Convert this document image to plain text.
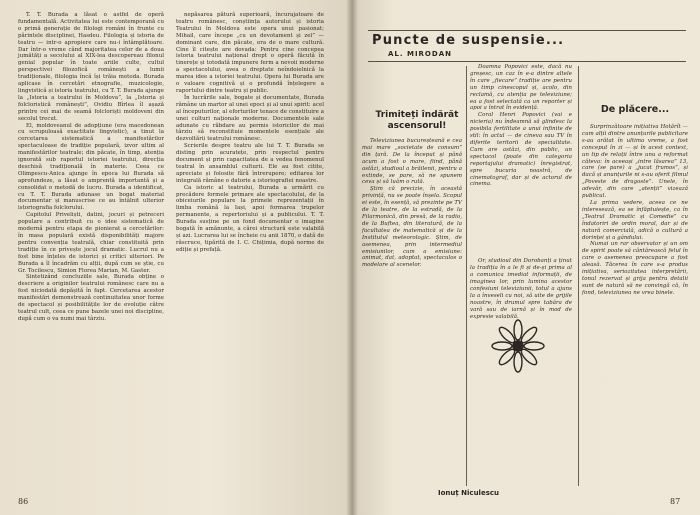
T. T. Burada a lăsat o astfel de operă fundamentală. Activitatea lui este contemporană cu o primă generație de filologi români în frunte cu părintele disciplinei, Hasdeu. Filologia și istoria de teatru — intr-o apropiere care nu-i întâmplătoare. Dar într-o vreme când majoritatea celor de a doua jumătăți a secolului al XIX-lea descopereau filonul genial popular în toate ariile culte, cultul perspectivei filozofică românești a lumii tradiționale, filologia încă își trăia metoda. Burada aplicase în cercetări etnografie, muzicologie, lingvistică și istoria teatrului, cu T. T. Burada ajunge la „Istoria a teatrului în Moldova”, la „Istoria și folcloristică românești”, Ovidiu Bîrlea îl așază printre cei mai de seamă folcloriști moldoveni din secolul trecut.

El, moldoveanul de adopțiune (era macedonean cu scrupuloasă exactitate lingvistic), a tinut la cercetarea sistematică a manifestărilor spectaculoase de tradiție populară, izvor ultim al manifestărilor teatrale; din păcate, în timp, atenția ignorată sub raportul istoriei teatrului, direcția deschisă tradițională în materie. Ceea ce Olimpescu-Anica ajunge în epoca lui Burada să aprofundeze, a lăsat o amprentă importantă și a consolidat o metodă de lucru. Burada a identificat, cu T. T. Burada adunase un bogat material documentar și manuscrise ce au întâlnit ulterior istoriografia folclorului.

Capitolul Priveliști, datini, jocuri și petreceri populare a contribuit cu o idee sistematică de modernă pentru etapa de pionierat a cercetărilor: în masa populară există disponibilități majore pentru convenția teatrală, chiar constituită prin tradiție în ce privește jocul dramatic. Lucrul nu a fost bine înțeles de istorici și critici ulteriori. Pe Burada a îl încadrăm cu alții, după cum se știe, cu Gr. Tocilescu, Simion Florea Marian, M. Gaster.

Sintetizând concluziile sale, Burada obține o descriere a originilor teatrului românesc care nu a fost niciodată depășită în fapt. Cercetarea acestor manifestări demonstrează continuitatea unor forme de spectacol și posibilitățile lor de evoluție către teatrul cult, ceea ce pune bazele unei noi discipline, după cum o va numi mai târziu.

nepăsarea pătură superioară, încurajatoare de teatru românesc, conștiința autorului și istoria Teatrului în Moldova este opera unui pasionat; Mihail, care începe „cu un devotament și zel” — dominant care, din păcate, era de o mare cultură. Cine îl citește are dovada: Pentru cine concepea istoria teatrului național drept o operă făcută în tinerețe și totodată impunere ferm a nevoii moderne a spectacolului, avea o dreptate neîndoielnică la marea idee a istoriei teatrului. Opera lui Burada are o valoare cognitivă și o profundă înțelegere a raportului dintre teatru și public.

În lucrările sale, bogate și documentate, Burada rămâne un martor al unei epoci și al unui spirit: acel al începuturilor, al eforturilor tenace de constituire a unei culturi naționale moderne. Documentele sale adunate cu răbdare au permis istoricilor de mai târziu să reconstituie momentele esențiale ale dezvoltării teatrului românesc.

Scrierile despre teatru ale lui T. T. Burada se disting prin acuratețe, prin respectul pentru document și prin capacitatea de a vedea fenomenul teatral în ansamblul culturii. Ele au fost citite, apreciate și folosite fără întrerupere; editarea lor integrală rămâne o datorie a istoriografiei noastre.

Ca istoric al teatrului, Burada a urmărit cu precădere formele primare ale spectacolului, de la obiceiurile populare la primele reprezentații în limba română la Iași, apoi formarea trupelor permanente, a repertoriului și a publicului. T. T. Burada susține pe un fond documentar o imagine bogată în amănunte, a cărei structură este valabilă și azi. Lucrarea lui se încheie cu anii 1870, o dată de răscruce, tipărită de I. C. Chițimia, după norme de ediție și prefață.

86
Puncte de suspensie...
AL. MIRODAN
Trimiteți îndărăt ascensorul!

Televiziunea bucureșteană e cea mai mare „societate de consum” din țară. De la început și până acum a fost o mare, fiind, până astăzi, studioul a brăilenii, pentru a extinde, se pare, să ne spunem ceva și să luăm o rută.

Știm că precizie, în această privință, nu se poate înșela. Scopul ei este, în esență, să prezinte pe TV de la teatre, de la estradă, de la Filarmonică, din presă, de la radio, de la Buftea, din literatură, de la facultatea de matematică și de la Institutul meteorologic. Știm, de asemenea, prin intermediul emisiunilor, cum a emisiune: animat, dat, adoptat, spectaculos o modelare al scenelor.

Doamna Popovici este, dacă nu greșesc, un caz în e-a dintre altele în care „fiecare” tradiție are pentru un timp cinescopul și, acolo, din reclamă, cu atenția pe televiziune; ea a fost selectată ca un reporter și apoi a întrat în evidență.

Coral Henri Popovici (vai e nicieria) nu îndeamnă să glindesc la posibila fertilitate a unui infinite de stil: în actul — de cineva sau TV în diferite teritorii de specialitate. Cum are astăzi, din public, un spectacol (poate din categoria reportajului dramatic) înregistrat, spre bucuria noastră, de cinematograf, dar și de actorul de cinema.

Or, studioul din Dorobanți a ținut la tradiția în a le fi și de-și prima al a comunica imediat informații, de imaginea lor, prin lumina acestor confesiuni televiziunii, totul a ajuns la a înveseli cu noi, să uite de grijile noastre, în drumul spre tabăra de vară sau de iarnă și în mod de expresie valabilă.

De plăcere...

Surprinzătoare inițiativa Hotărît — cum alții dintre anunțurile publicitare s-au arătat în ultima vreme, a fost conceput în zi — și în acest context, un tip de relații între unu a reformat câteva: în aceeași „intre lăsarea” 13, care (se pare) a „jucat frumos”, și dacă și anunțurile ni s-au oferit filmul „Poveste de dragoste”. Unele, în adevăr, din care „atenții” vizează publicul.

La prima vedere, aceea ce ne interesează, ea se înfăptuiește, ca în „Teatrul Dramatic și Comedie” cu îndatoriri de ordin moral, dar și de natură comercială, adică o cultură a dorinței și a gândului.

Numai un rar observator și un om de spirit poate să cântărească felul în care o asemenea preocupare a fost aleasă. Tăcerea în care s-a produs inițiativa, seriozitatea interpretării, tonul rezervat și grija pentru detalii sunt de natură să ne convingă că, în fond, televiziunea ne vrea binele.

Ionuț Niculescu
87
